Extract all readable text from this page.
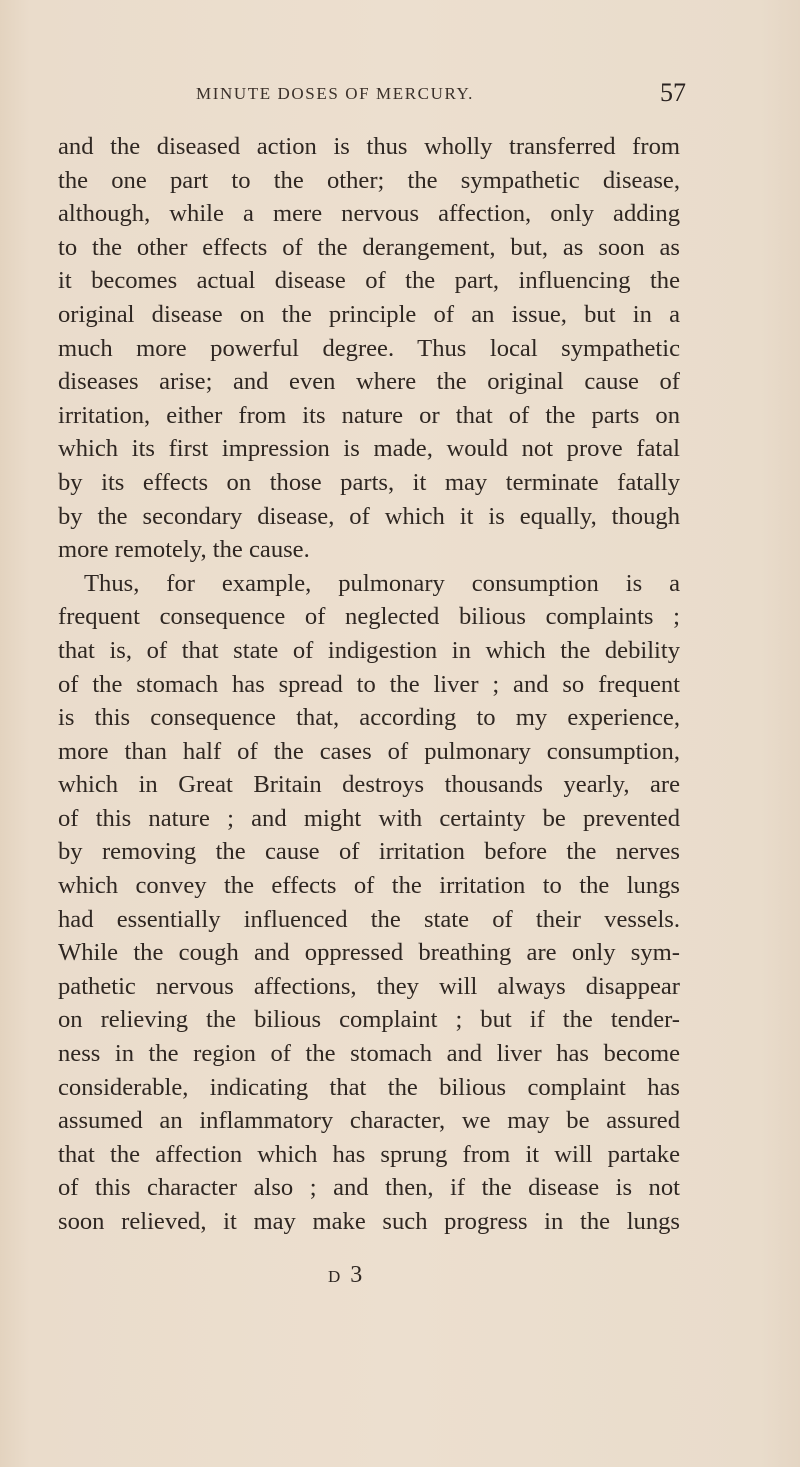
MINUTE DOSES OF MERCURY.	57
and the diseased action is thus wholly transferred from
the one part to the other; the sympathetic disease,
although, while a mere nervous affection, only adding
to the other effects of the derangement, but, as soon as
it becomes actual disease of the part, influencing the
original disease on the principle of an issue, but in a
much more powerful degree. Thus local sympathetic
diseases arise; and even where the original cause of
irritation, either from its nature or that of the parts on
which its first impression is made, would not prove fatal
by its effects on those parts, it may terminate fatally
by the secondary disease, of which it is equally, though
more remotely, the cause.
Thus, for example, pulmonary consumption is a
frequent consequence of neglected bilious complaints ;
that is, of that state of indigestion in which the debility
of the stomach has spread to the liver ; and so frequent
is this consequence that, according to my experience,
more than half of the cases of pulmonary consumption,
which in Great Britain destroys thousands yearly, are
of this nature ; and might with certainty be prevented
by removing the cause of irritation before the nerves
which convey the effects of the irritation to the lungs
had essentially influenced the state of their vessels.
While the cough and oppressed breathing are only sym-
pathetic nervous affections, they will always disappear
on relieving the bilious complaint ; but if the tender-
ness in the region of the stomach and liver has become
considerable, indicating that the bilious complaint has
assumed an inflammatory character, we may be assured
that the affection which has sprung from it will partake
of this character also ; and then, if the disease is not
soon relieved, it may make such progress in the lungs
D 3
